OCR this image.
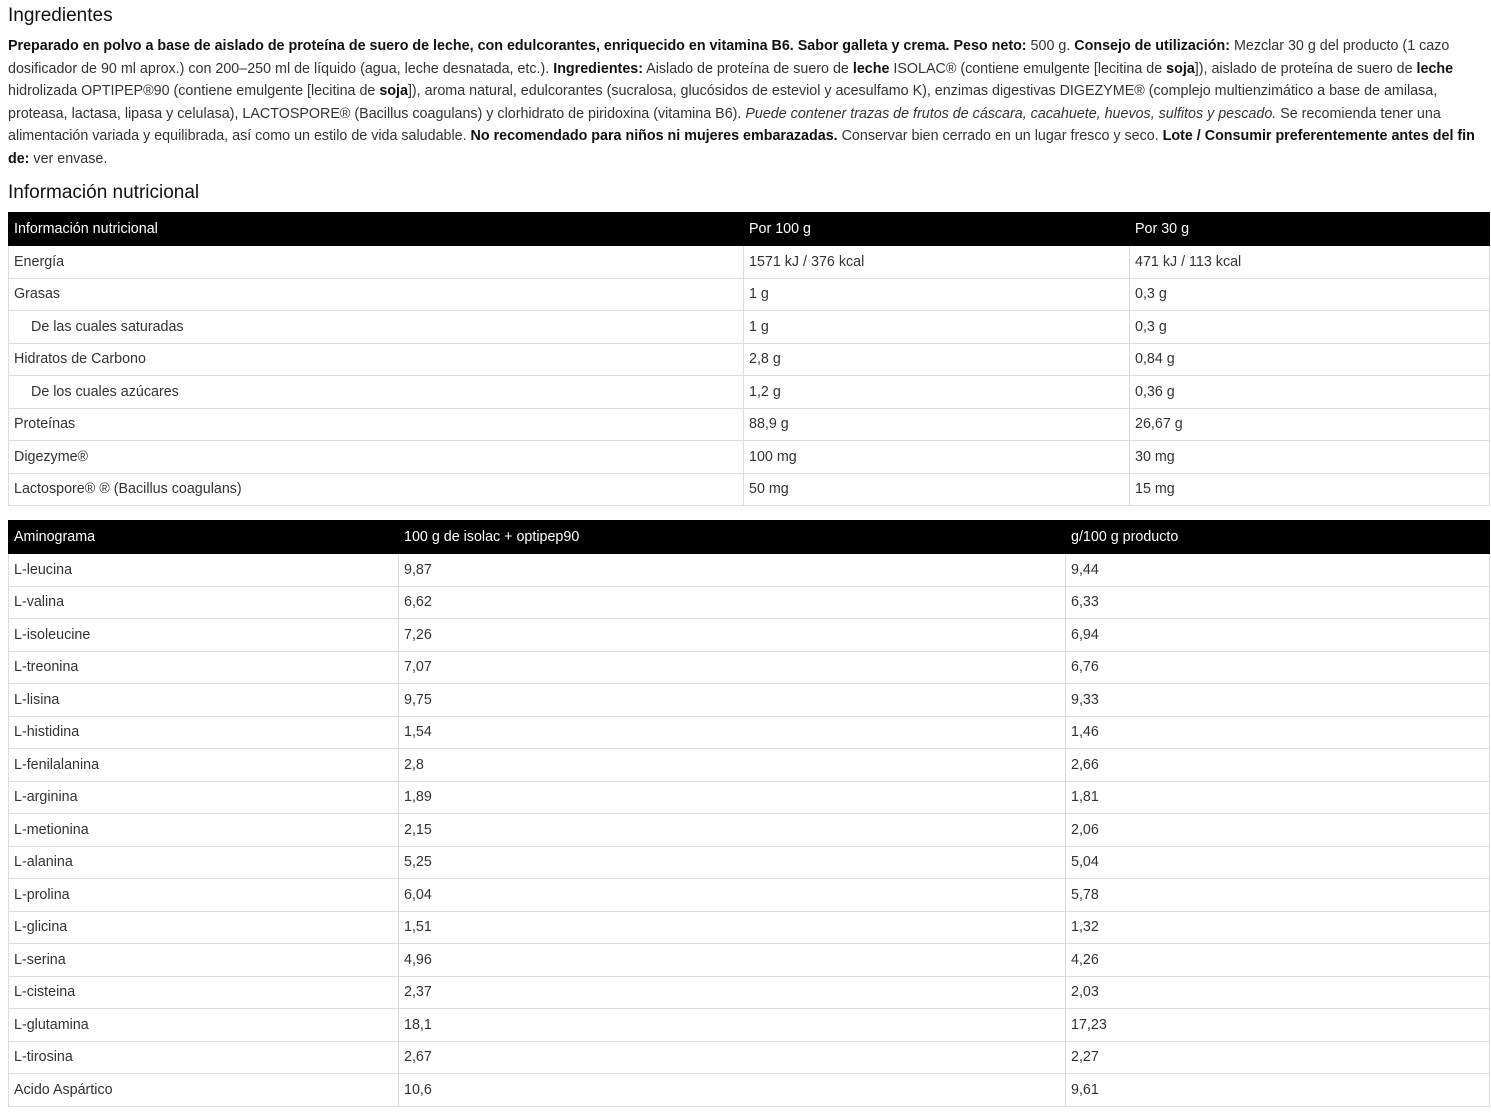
Ingredientes

Preparado en polvo a base de aislado de proteína de suero de leche, con edulcorantes, enriquecido en vitamina B6. Sabor galleta y crema. Peso neto: 500 g. Consejo de utilización: Mezclar 30 g del producto (1 cazo dosificador de 90 ml aprox.) con 200–250 ml de líquido (agua, leche desnatada, etc.). Ingredientes: Aislado de proteína de suero de leche ISOLAC® (contiene emulgente [lecitina de soja]), aislado de proteína de suero de leche hidrolizada OPTIPEP®90 (contiene emulgente [lecitina de soja]), aroma natural, edulcorantes (sucralosa, glucósidos de esteviol y acesulfamo K), enzimas digestivas DIGEZYME® (complejo multienzimático a base de amilasa, proteasa, lactasa, lipasa y celulasa), LACTOSPORE® (Bacillus coagulans) y clorhidrato de piridoxina (vitamina B6). Puede contener trazas de frutos de cáscara, cacahuete, huevos, sulfitos y pescado. Se recomienda tener una alimentación variada y equilibrada, así como un estilo de vida saludable. No recomendado para niños ni mujeres embarazadas. Conservar bien cerrado en un lugar fresco y seco. Lote / Consumir preferentemente antes del fin de: ver envase.

Información nutricional
Información nutricional	Por 100 g	Por 30 g
Energía	1571 kJ / 376 kcal	471 kJ / 113 kcal
Grasas	1 g	0,3 g
De las cuales saturadas	1 g	0,3 g
Hidratos de Carbono	2,8 g	0,84 g
De los cuales azúcares	1,2 g	0,36 g
Proteínas	88,9 g	26,67 g
Digezyme®	100 mg	30 mg
Lactospore® ® (Bacillus coagulans)	50 mg	15 mg
Aminograma	100 g de isolac + optipep90	g/100 g producto
L-leucina	9,87	9,44
L-valina	6,62	6,33
L-isoleucine	7,26	6,94
L-treonina	7,07	6,76
L-lisina	9,75	9,33
L-histidina	1,54	1,46
L-fenilalanina	2,8	2,66
L-arginina	1,89	1,81
L-metionina	2,15	2,06
L-alanina	5,25	5,04
L-prolina	6,04	5,78
L-glicina	1,51	1,32
L-serina	4,96	4,26
L-cisteina	2,37	2,03
L-glutamina	18,1	17,23
L-tirosina	2,67	2,27
Acido Aspártico	10,6	9,61
